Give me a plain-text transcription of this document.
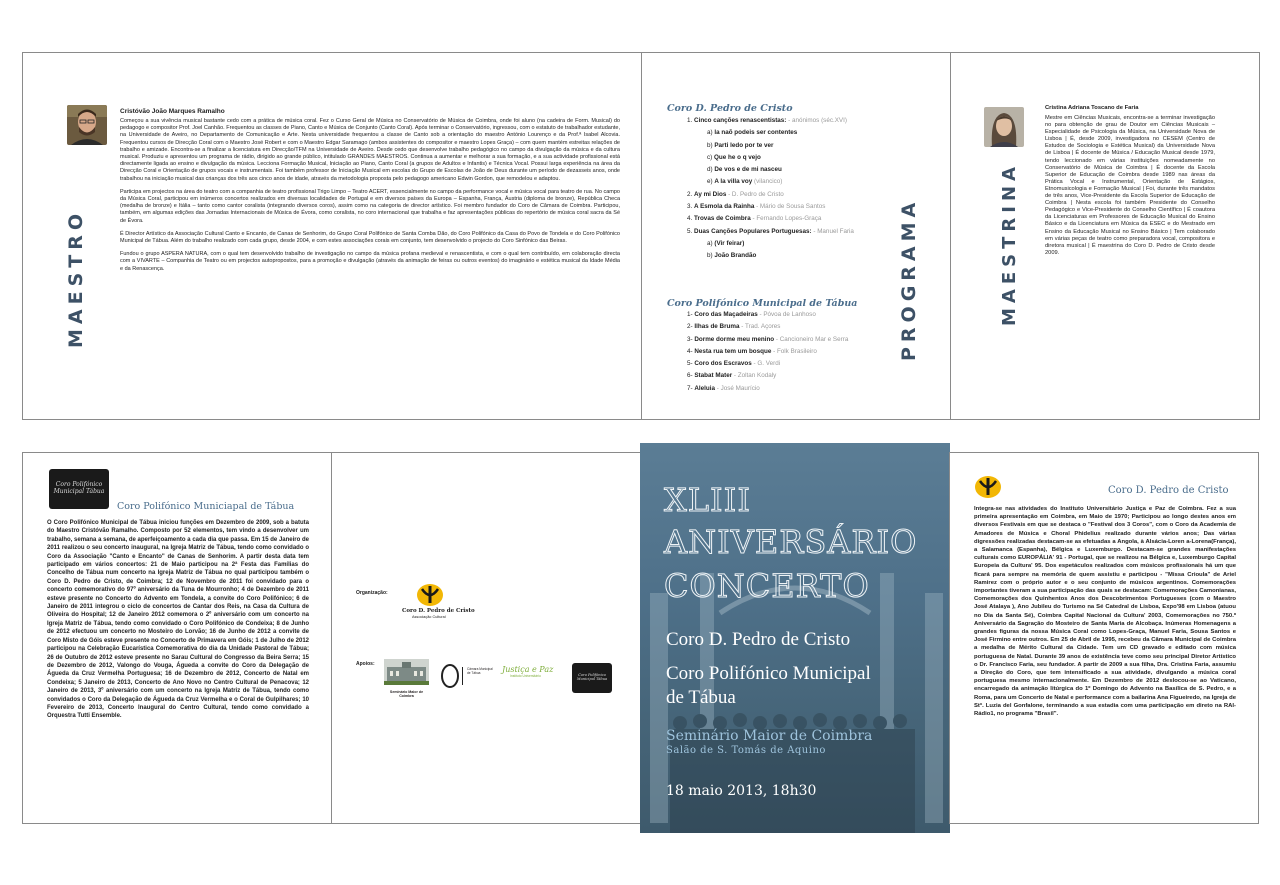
MAESTRO
Cristóvão João Marques Ramalho

Começou a sua vivência musical bastante cedo com a prática de música coral. Fez o Curso Geral de Música no Conservatório de Música de Coimbra, onde foi aluno (na cadeira de Form. Musical) do pedagogo e compositor Prof. Joel Canhão. Frequentou as classes de Piano, Canto e Música de Conjunto (Canto Coral). Após terminar o Conservatório, ingressou, com o estatuto de trabalhador estudante, na Universidade de Aveiro, no Departamento de Comunicação e Arte. Nesta universidade frequentou a classe de Canto sob a orientação do maestro António Lourenço e da Prof.ª Isabel Alcovia. Frequentou cursos de Direcção Coral com o Maestro José Robert e com o Maestro Edgar Saramago (ambos assistentes do compositor e maestro Lopes Graça) – com quem mantém estreitas relações de trabalho e amizade. Encontra-se a finalizar a licenciatura em Direcção/TFM na Universidade de Aveiro. Desde cedo que desenvolve trabalho pedagógico no campo da divulgação da música e da cultura musical. Produziu e apresentou um programa de rádio, dirigido ao grande público, intitulado GRANDES MAESTROS. Continua a aumentar e melhorar a sua formação, e a sua actividade profissional está directamente ligada ao ensino e divulgação da música. Lecciona Formação Musical, Iniciação ao Piano, Canto Coral (a grupos de Adultos e Infantis) e Técnica Vocal. Possui larga experiência na área da Direcção Coral e Orientação de grupos vocais e instrumentais. Foi também professor de Iniciação Musical em escolas do Grupo de Escolas de João de Deus durante um período de dezasseis anos, onde trabalhou na iniciação musical das crianças dos três aos cinco anos de idade, através da metodologia proposta pelo pedagogo americano Edwin Gordon, que remodelou e adaptou.

Participa em projectos na área do teatro com a companhia de teatro profissional Trigo Limpo – Teatro ACERT, essencialmente no campo da performance vocal e música vocal para teatro de rua. No campo da Música Coral, participou em inúmeros concertos realizados em diversas localidades de Portugal e em diversos países da Europa – Espanha, França, Áustria (diploma de bronze), República Checa (medalha de bronze) e Itália – tanto como cantor coralista (integrando diversos coros), assim como na categoria de director artístico. Foi membro fundador do Coro de Câmara de Coimbra. Participou, também, em algumas edições das Jornadas Internacionais de Música de Évora, como coralista, no coro internacional que trabalha e faz apresentações públicas do repertório de música coral sacra da Sé de Évora.

É Director Artístico da Associação Cultural Canto e Encanto, de Canas de Senhorim, do Grupo Coral Polifónico de Santa Comba Dão, do Coro Polifónico da Casa do Povo de Tondela e do Coro Polifónico Municipal de Tábua. Além do trabalho realizado com cada grupo, desde 2004, e com estes associações corais em conjunto, tem desenvolvido o projecto do Coro Sinfónico das Beiras.

Fundou o grupo ASPERA NATURA, com o qual tem desenvolvido trabalho de investigação no campo da música profana medieval e renascentista, e com o qual tem contribuído, em colaboração directa com a VIVARTE – Companhia de Teatro ou em projectos autopropostos, para a promoção e divulgação (através da animação de feiras ou outros eventos) do imaginário e estética musical da Idade Média e da Renascença.

Coro D. Pedro de Cristo
1. Cinco canções renascentistas: - anónimos (séc.XVI)
a) la naõ podeis ser contentes
b) Parti ledo por te ver
c) Que he o q vejo
d) De vos e de mi nasceu
e) A la villa voy (vilancico)
2. Ay mi Dios - D. Pedro de Cristo
3. A Esmola da Rainha - Mário de Sousa Santos
4. Trovas de Coimbra - Fernando Lopes-Graça
5. Duas Canções Populares Portuguesas: - Manuel Faria
a) (Vir feirar)
b) João Brandão
Coro Polifónico Municipal de Tábua
1- Coro das Maçadeiras - Póvoa de Lanhoso
2- Ilhas de Bruma - Trad. Açores
3- Dorme dorme meu menino - Cancioneiro Mar e Serra
4- Nesta rua tem um bosque - Folk Brasileiro
5- Coro dos Escravos - G. Verdi
6- Stabat Mater - Zoltan Kodaly
7- Aleluia - José Maurício
PROGRAMA	MAESTRINA
Cristina Adriana Toscano de Faria
Mestre em Ciências Musicais, encontra-se a terminar investigação no para obtenção de grau de Doutor em Ciências Musicais – Especialidade de Psicologia da Música, na Universidade Nova de Lisboa | É, desde 2009, investigadora no CESEM (Centro de Estudos de Sociologia e Estética Musical) da Universidade Nova de Lisboa | É docente de Música / Educação Musical desde 1979, tendo leccionado em várias instituições nomeadamente no Conservatório de Música de Coimbra | É docente da Escola Superior de Educação de Coimbra desde 1989 nas áreas da Prática Vocal e Instrumental, Orientação de Estágios, Etnomusicologia e Formação Musical | Foi, durante três mandatos de três anos, Vice-Presidente da Escola Superior de Educação de Coimbra | Nesta escola foi também Presidente do Conselho Pedagógico e Vice-Presidente do Conselho Científico | É coautora da Licenciaturas em Professores de Educação Musical do Ensino Básico e da Licenciatura em Música da ESEC e do Mestrado em Ensino da Educação Musical no Ensino Básico | Tem colaborado em várias peças de teatro como preparadora vocal, compositora e diretora musical | É maestrina do Coro D. Pedro de Cristo desde 2009.
Coro Polifónico Municipal Tábua
Coro Polifónico Municiapal de Tábua
O Coro Polifónico Municipal de Tábua iniciou funções em Dezembro de 2009, sob a batuta do Maestro Cristóvão Ramalho. Composto por 52 elementos, tem vindo a desenvolver um trabalho, semana a semana, de aperfeiçoamento a cada dia que passa. Em 15 de Janeiro de 2011 realizou o seu concerto inaugural, na Igreja Matriz de Tábua, tendo como convidado o Coro da Associação "Canto e Encanto" de Canas de Senhorim. A partir desta data tem participado em vários concertos: 21 de Maio participou na 2ª Festa das Famílias do Concelho de Tábua num concerto na Igreja Matriz de Tábua no qual participou também o Coro D. Pedro de Cristo, de Coimbra; 12 de Novembro de 2011 foi convidado para o concerto comemorativo do 97º aniversário da Tuna de Mourronho; 4 de Dezembro de 2011 esteve presente no Concerto do Advento em Tondela, a convite do Coro Polifónico; 6 de Janeiro de 2011 integrou o ciclo de concertos de Cantar dos Reis, na Casa da Cultura de Oliveira do Hospital; 12 de Janeiro 2012 comemora o 2º aniversário com um concerto na Igreja Matriz de Tábua, tendo como convidado o Coro Polifónico de Condeixa; 8 de Junho de 2012 efectuou um concerto no Mosteiro do Lorvão; 16 de Junho de 2012 a convite de Coro Misto de Góis esteve presente no Concerto de Primavera em Góis; 1 de Julho de 2012 participou na Celebração Eucarística Comemorativa do dia da Unidade Pastoral de Tábua; 26 de Outubro de 2012 esteve presente no Sarau Cultural do Congresso da Beira Serra; 15 de Dezembro de 2012, Valongo do Vouga, Águeda a convite do Coro da Delegação de Águeda da Cruz Vermelha Portuguesa; 16 de Dezembro de 2012, Concerto de Natal em Condeixa; 5 Janeiro de 2013, Concerto de Ano Novo no Centro Cultural de Penacova; 12 Janeiro de 2013, 3º aniversário com um concerto na Igreja Matriz de Tábua, tendo como convidados o Coro da Delegação de Águeda da Cruz Vermelha e o Coral de Gulpilhares; 10 Fevereiro de 2013, Concerto Inaugural do Centro Cultural, tendo como convidado a Orquestra Tutti Ensemble.
Organização:
Coro D. Pedro de Cristo
Associação Cultural
Apoios:
Seminário Maior de Coimbra
Câmara Municipal de Tábua	Justiça e Paz
Instituto Universitário	Coro Polifónico Municipal Tábua
XLIII
ANIVERSÁRIO
CONCERTO
Coro D. Pedro de Cristo
Coro Polifónico Municipal
de Tábua
Seminário Maior de Coimbra
Salão de S. Tomás de Aquino
18 maio 2013, 18h30
Coro D. Pedro de Cristo
Integra-se nas atividades do Instituto Universitário Justiça e Paz de Coimbra. Fez a sua primeira apresentação em Coimbra, em Maio de 1970; Participou ao longo destes anos em diversos Festivais em que se destaca o "Festival dos 3 Coros", com o Coro da Academia de Amadores de Música e Choral Phidelius realizado durante vários anos; Das várias digressões realizadas destacam-se as efetuadas a Angola, à Alsácia-Loren a-Lorena(França), a Salamanca (Espanha), Bélgica e Luxemburgo. Destacam-se grandes manifestações culturais como EUROPÁLIA' 91 - Portugal, que se realizou na Bélgica e, Luxemburgo Capital Europeia da Cultura' 95. Dos espetáculos realizados com músicos profissionais há um que ficará para sempre na memória de quem assistiu e participou - "Missa Crioula" de Ariel Ramirez com o próprio autor e o seu conjunto de músicos argentinos. Comemorações importantes tiveram a sua participação das quais se destacam: Comemorações Camonianas, Comemorações dos Quinhentos Anos dos Descobrimentos Portugueses (com o Maestro José Atalaya ), Ano Jubileu do Turismo na Sé Catedral de Lisboa, Expo'98 em Lisboa (atuou no Dia da Santa Sé), Coimbra Capital Nacional da Cultura' 2003, Comemorações no 750.º Aniversário da Sagração do Mosteiro de Santa Maria de Alcobaça. Inúmeras Homenagens a grandes figuras da nossa Música Coral como Lopes-Graça, Manuel Faria, Sousa Santos e José Firmino entre outros. Em 25 de Abril de 1995, recebeu da Câmara Municipal de Coimbra a medalha de Mérito Cultural da Cidade. Tem um CD gravado e editado com música portuguesa de Natal. Durante 39 anos de existência teve como seu principal Diretor Artístico o Dr. Francisco Faria, seu fundador. A partir de 2009 a sua filha, Dra. Cristina Faria, assumiu a Direção do Coro, que tem intensificado a sua atividade, divulgando a música coral portuguesa mesmo internacionalmente. Em Dezembro de 2012 deslocou-se ao Vaticano, encarregado da animação litúrgica do 1º Domingo do Advento na Basílica de S. Pedro, e a Roma, para um Concerto de Natal e performance com a bailarina Ana Figueiredo, na Igreja de Stª. Luzia del Gonfalone, terminando a sua estadia com uma participação em direto na RAI-Rádio1, no programa "Brasil".
